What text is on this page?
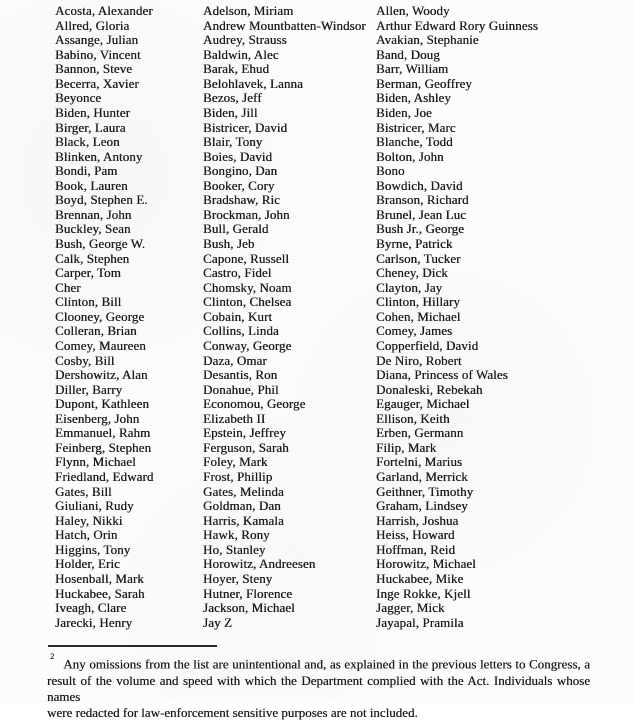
Acosta, Alexander
Allred, Gloria
Assange, Julian
Babino, Vincent
Bannon, Steve
Becerra, Xavier
Beyonce
Biden, Hunter
Birger, Laura
Black, Leon
Blinken, Antony
Bondi, Pam
Book, Lauren
Boyd, Stephen E.
Brennan, John
Buckley, Sean
Bush, George W.
Calk, Stephen
Carper, Tom
Cher
Clinton, Bill
Clooney, George
Colleran, Brian
Comey, Maureen
Cosby, Bill
Dershowitz, Alan
Diller, Barry
Dupont, Kathleen
Eisenberg, John
Emmanuel, Rahm
Feinberg, Stephen
Flynn, Michael
Friedland, Edward
Gates, Bill
Giuliani, Rudy
Haley, Nikki
Hatch, Orin
Higgins, Tony
Holder, Eric
Hosenball, Mark
Huckabee, Sarah
Iveagh, Clare
Jarecki, Henry
Adelson, Miriam
Andrew Mountbatten-Windsor
Audrey, Strauss
Baldwin, Alec
Barak, Ehud
Belohlavek, Lanna
Bezos, Jeff
Biden, Jill
Bistricer, David
Blair, Tony
Boies, David
Bongino, Dan
Booker, Cory
Bradshaw, Ric
Brockman, John
Bull, Gerald
Bush, Jeb
Capone, Russell
Castro, Fidel
Chomsky, Noam
Clinton, Chelsea
Cobain, Kurt
Collins, Linda
Conway, George
Daza, Omar
Desantis, Ron
Donahue, Phil
Economou, George
Elizabeth II
Epstein, Jeffrey
Ferguson, Sarah
Foley, Mark
Frost, Phillip
Gates, Melinda
Goldman, Dan
Harris, Kamala
Hawk, Rony
Ho, Stanley
Horowitz, Andreesen
Hoyer, Steny
Hutner, Florence
Jackson, Michael
Jay Z
Allen, Woody
Arthur Edward Rory Guinness
Avakian, Stephanie
Band, Doug
Barr, William
Berman, Geoffrey
Biden, Ashley
Biden, Joe
Bistricer, Marc
Blanche, Todd
Bolton, John
Bono
Bowdich, David
Branson, Richard
Brunel, Jean Luc
Bush Jr., George
Byrne, Patrick
Carlson, Tucker
Cheney, Dick
Clayton, Jay
Clinton, Hillary
Cohen, Michael
Comey, James
Copperfield, David
De Niro, Robert
Diana, Princess of Wales
Donaleski, Rebekah
Egauger, Michael
Ellison, Keith
Erben, Germann
Filip, Mark
Fortelni, Marius
Garland, Merrick
Geithner, Timothy
Graham, Lindsey
Harrish, Joshua
Heiss, Howard
Hoffman, Reid
Horowitz, Michael
Huckabee, Mike
Inge Rokke, Kjell
Jagger, Mick
Jayapal, Pramila
$^2$Any omissions from the list are unintentional and, as explained in the previous letters to Congress, a
result of the volume and speed with which the Department complied with the Act. Individuals whose names
were redacted for law-enforcement sensitive purposes are not included.
